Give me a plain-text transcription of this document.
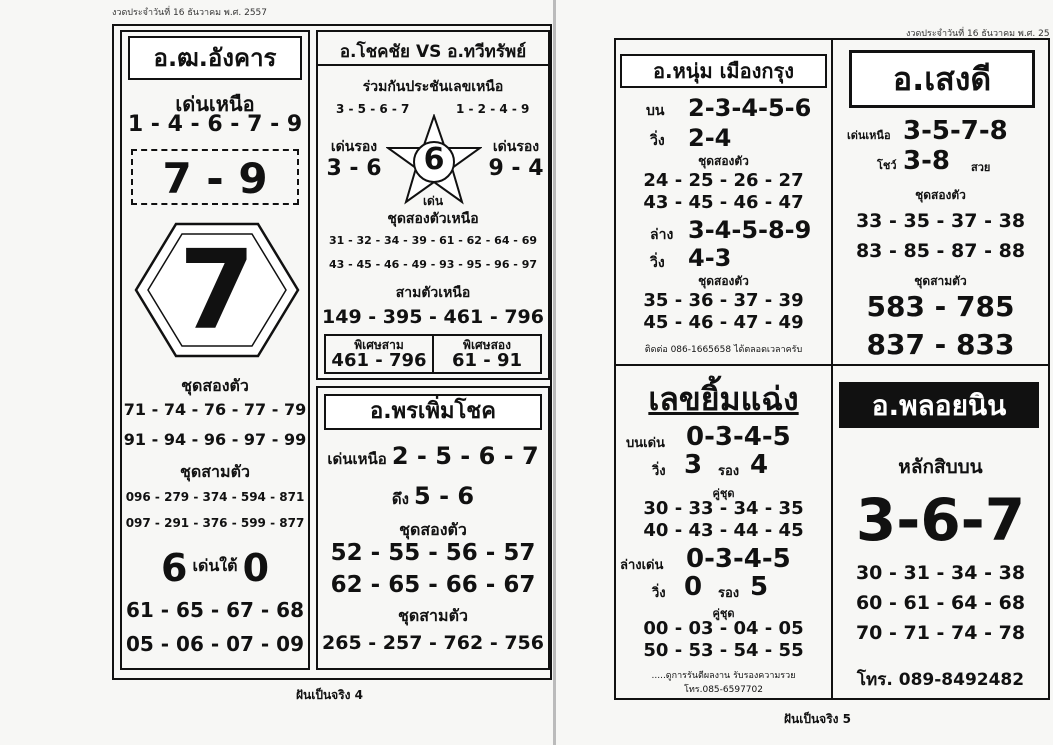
งวดประจำวันที่ 16 ธันวาคม พ.ศ. 2557
อ.ฒ.อังคาร
เด่นเหนือ
1 - 4 - 6 - 7 - 9
7 - 9
7
ชุดสองตัว
71 - 74 - 76 - 77 - 79
91 - 94 - 96 - 97 - 99
ชุดสามตัว
096 - 279 - 374 - 594 - 871
097 - 291 - 376 - 599 - 877
6 เด่นใต้ 0
61 - 65 - 67 - 68
05 - 06 - 07 - 09
อ.โชคชัย VS อ.ทวีทรัพย์
ร่วมกันประชันเลขเหนือ
3 - 5 - 6 - 7	1 - 2 - 4 - 9
เด่นรอง
3 - 6
เด่นรอง
9 - 4
6
เด่น
ชุดสองตัวเหนือ
31 - 32 - 34 - 39 - 61 - 62 - 64 - 69
43 - 45 - 46 - 49 - 93 - 95 - 96 - 97
สามตัวเหนือ
149 - 395 - 461 - 796
พิเศษสาม
461 - 796
พิเศษสอง
61 - 91
อ.พรเพิ่มโชค
เด่นเหนือ 2 - 5 - 6 - 7
ดึง 5 - 6
ชุดสองตัว
52 - 55 - 56 - 57
62 - 65 - 66 - 67
ชุดสามตัว
265 - 257 - 762 - 756
ฝันเป็นจริง 4
งวดประจำวันที่ 16 ธันวาคม พ.ศ. 25
อ.หนุ่ม เมืองกรุง
บน 2-3-4-5-6
วิ่ง 2-4
ชุดสองตัว
24 - 25 - 26 - 27
43 - 45 - 46 - 47
ล่าง 3-4-5-8-9
วิ่ง 4-3
ชุดสองตัว
35 - 36 - 37 - 39
45 - 46 - 47 - 49
ติดต่อ 086-1665658 ได้ตลอดเวลาครับ
อ.เสงดี
เด่นเหนือ 3-5-7-8
โชว์ 3-8 สวย
ชุดสองตัว
33 - 35 - 37 - 38
83 - 85 - 87 - 88
ชุดสามตัว
583 - 785
837 - 833
เลขยิ้มแฉ่ง
บนเด่น 0-3-4-5
วิ่ง 3 รอง 4
คู่ชุด
30 - 33 - 34 - 35
40 - 43 - 44 - 45
ล่างเด่น 0-3-4-5
วิ่ง 0 รอง 5
คู่ชุด
00 - 03 - 04 - 05
50 - 53 - 54 - 55
.....ดูการรันตีผลงาน รับรองความรวย
โทร.085-6597702
อ.พลอยนิน
หลักสิบบน
3-6-7
30 - 31 - 34 - 38
60 - 61 - 64 - 68
70 - 71 - 74 - 78
โทร. 089-8492482
ฝันเป็นจริง 5
